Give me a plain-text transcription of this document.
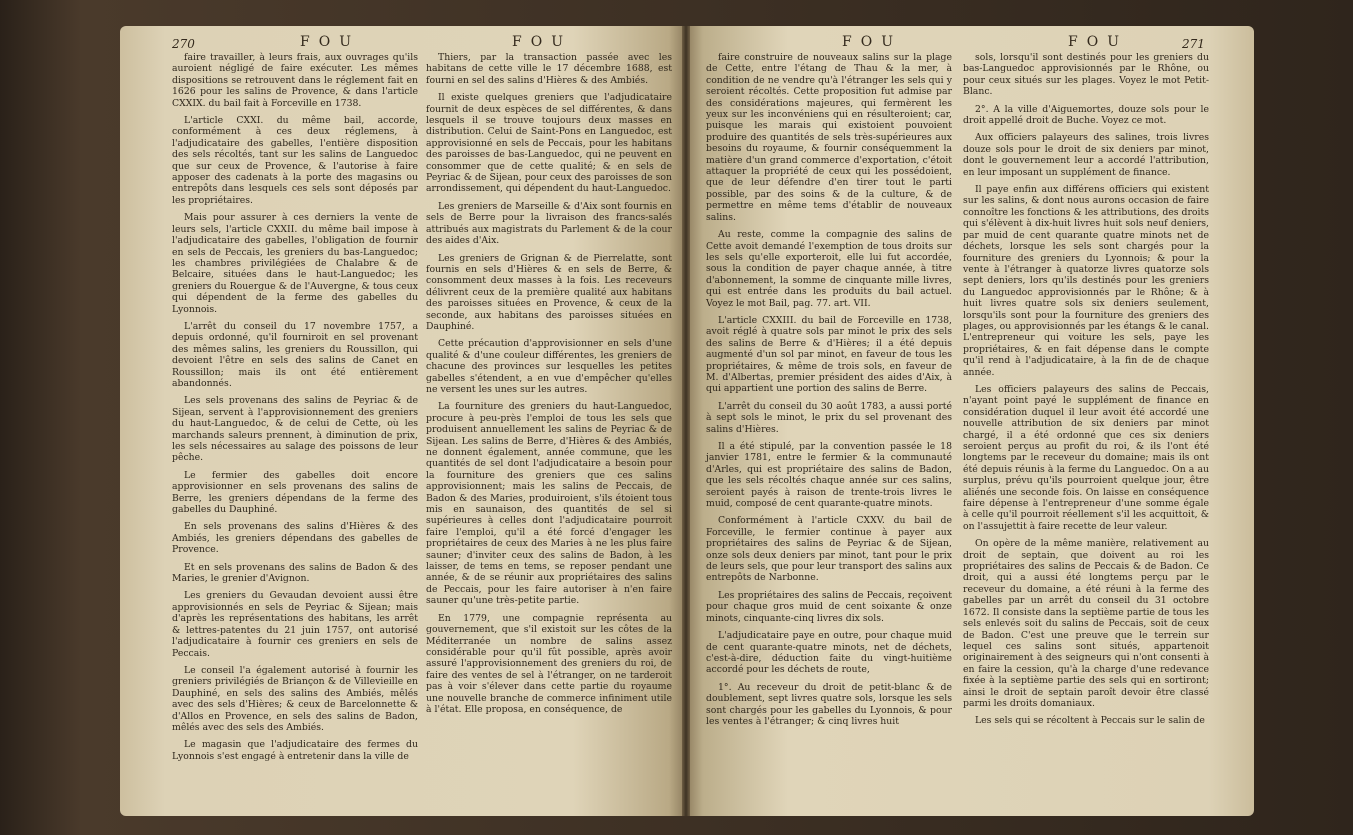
270	FOU	FOU	FOU	FOU	271

faire travailler, à leurs frais, aux ouvrages qu'ils auroient négligé de faire exécuter. Les mêmes dispositions se retrouvent dans le réglement fait en 1626 pour les salins de Provence, & dans l'article CXXIX. du bail fait à Forceville en 1738.

L'article CXXI. du même bail, accorde, conformément à ces deux réglemens, à l'adjudicataire des gabelles, l'entière disposition des sels récoltés, tant sur les salins de Languedoc que sur ceux de Provence, & l'autorise à faire apposer des cadenats à la porte des magasins ou entrepôts dans lesquels ces sels sont déposés par les propriétaires.

Mais pour assurer à ces derniers la vente de leurs sels, l'article CXXII. du même bail impose à l'adjudicataire des gabelles, l'obligation de fournir en sels de Peccais, les greniers du bas-Languedoc; les chambres privilégiées de Chalabre & de Belcaire, situées dans le haut-Languedoc; les greniers du Rouergue & de l'Auvergne, & tous ceux qui dépendent de la ferme des gabelles du Lyonnois.

L'arrêt du conseil du 17 novembre 1757, a depuis ordonné, qu'il fourniroit en sel provenant des mêmes salins, les greniers du Roussillon, qui devoient l'être en sels des salins de Canet en Roussillon; mais ils ont été entièrement abandonnés.

Les sels provenans des salins de Peyriac & de Sijean, servent à l'approvisionnement des greniers du haut-Languedoc, & de celui de Cette, où les marchands saleurs prennent, à diminution de prix, les sels nécessaires au salage des poissons de leur pêche.

Le fermier des gabelles doit encore approvisionner en sels provenans des salins de Berre, les greniers dépendans de la ferme des gabelles du Dauphiné.

En sels provenans des salins d'Hières & des Ambiés, les greniers dépendans des gabelles de Provence.

Et en sels provenans des salins de Badon & des Maries, le grenier d'Avignon.

Les greniers du Gevaudan devoient aussi être approvisionnés en sels de Peyriac & Sijean; mais d'après les représentations des habitans, les arrêt & lettres-patentes du 21 juin 1757, ont autorisé l'adjudicataire à fournir ces greniers en sels de Peccais.

Le conseil l'a également autorisé à fournir les greniers privilégiés de Briançon & de Villevieille en Dauphiné, en sels des salins des Ambiés, mêlés avec des sels d'Hières; & ceux de Barcelonnette & d'Allos en Provence, en sels des salins de Badon, mêlés avec des sels des Ambiés.

Le magasin que l'adjudicataire des fermes du Lyonnois s'est engagé à entretenir dans la ville de

Thiers, par la transaction passée avec les habitans de cette ville le 17 décembre 1688, est fourni en sel des salins d'Hières & des Ambiés.

Il existe quelques greniers que l'adjudicataire fournit de deux espèces de sel différentes, & dans lesquels il se trouve toujours deux masses en distribution. Celui de Saint-Pons en Languedoc, est approvisionné en sels de Peccais, pour les habitans des paroisses de bas-Languedoc, qui ne peuvent en consommer que de cette qualité; & en sels de Peyriac & de Sijean, pour ceux des paroisses de son arrondissement, qui dépendent du haut-Languedoc.

Les greniers de Marseille & d'Aix sont fournis en sels de Berre pour la livraison des francs-salés attribués aux magistrats du Parlement & de la cour des aides d'Aix.

Les greniers de Grignan & de Pierrelatte, sont fournis en sels d'Hières & en sels de Berre, & consomment deux masses à la fois. Les receveurs délivrent ceux de la première qualité aux habitans des paroisses situées en Provence, & ceux de la seconde, aux habitans des paroisses situées en Dauphiné.

Cette précaution d'approvisionner en sels d'une qualité & d'une couleur différentes, les greniers de chacune des provinces sur lesquelles les petites gabelles s'étendent, a en vue d'empêcher qu'elles ne versent les unes sur les autres.

La fourniture des greniers du haut-Languedoc, procure à peu-près l'emploi de tous les sels que produisent annuellement les salins de Peyriac & de Sijean. Les salins de Berre, d'Hières & des Ambiés, ne donnent également, année commune, que les quantités de sel dont l'adjudicataire a besoin pour la fourniture des greniers que ces salins approvisionnent; mais les salins de Peccais, de Badon & des Maries, produiroient, s'ils étoient tous mis en saunaison, des quantités de sel si supérieures à celles dont l'adjudicataire pourroit faire l'emploi, qu'il a été forcé d'engager les propriétaires de ceux des Maries à ne les plus faire sauner; d'inviter ceux des salins de Badon, à les laisser, de tems en tems, se reposer pendant une année, & de se réunir aux propriétaires des salins de Peccais, pour les faire autoriser à n'en faire sauner qu'une très-petite partie.

En 1779, une compagnie représenta au gouvernement, que s'il existoit sur les côtes de la Méditerranée un nombre de salins assez considérable pour qu'il fût possible, après avoir assuré l'approvisionnement des greniers du roi, de faire des ventes de sel à l'étranger, on ne tarderoit pas à voir s'élever dans cette partie du royaume une nouvelle branche de commerce infiniment utile à l'état. Elle proposa, en conséquence, de

faire construire de nouveaux salins sur la plage de Cette, entre l'étang de Thau & la mer, à condition de ne vendre qu'à l'étranger les sels qui y seroient récoltés. Cette proposition fut admise par des considérations majeures, qui fermèrent les yeux sur les inconvéniens qui en résulteroient; car, puisque les marais qui existoient pouvoient produire des quantités de sels très-supérieures aux besoins du royaume, & fournir conséquemment la matière d'un grand commerce d'exportation, c'étoit attaquer la propriété de ceux qui les possédoient, que de leur défendre d'en tirer tout le parti possible, par des soins & de la culture, & de permettre en même tems d'établir de nouveaux salins.

Au reste, comme la compagnie des salins de Cette avoit demandé l'exemption de tous droits sur les sels qu'elle exporteroit, elle lui fut accordée, sous la condition de payer chaque année, à titre d'abonnement, la somme de cinquante mille livres, qui est entrée dans les produits du bail actuel. Voyez le mot Bail, pag. 77. art. VII.

L'article CXXIII. du bail de Forceville en 1738, avoit réglé à quatre sols par minot le prix des sels des salins de Berre & d'Hières; il a été depuis augmenté d'un sol par minot, en faveur de tous les propriétaires, & même de trois sols, en faveur de M. d'Albertas, premier président des aides d'Aix, à qui appartient une portion des salins de Berre.

L'arrêt du conseil du 30 août 1783, a aussi porté à sept sols le minot, le prix du sel provenant des salins d'Hières.

Il a été stipulé, par la convention passée le 18 janvier 1781, entre le fermier & la communauté d'Arles, qui est propriétaire des salins de Badon, que les sels récoltés chaque année sur ces salins, seroient payés à raison de trente-trois livres le muid, composé de cent quarante-quatre minots.

Conformément à l'article CXXV. du bail de Forceville, le fermier continue à payer aux propriétaires des salins de Peyriac & de Sijean, onze sols deux deniers par minot, tant pour le prix de leurs sels, que pour leur transport des salins aux entrepôts de Narbonne.

Les propriétaires des salins de Peccais, reçoivent pour chaque gros muid de cent soixante & onze minots, cinquante-cinq livres dix sols.

L'adjudicataire paye en outre, pour chaque muid de cent quarante-quatre minots, net de déchets, c'est-à-dire, déduction faite du vingt-huitième accordé pour les déchets de route,

1°. Au receveur du droit de petit-blanc & de doublement, sept livres quatre sols, lorsque les sels sont chargés pour les gabelles du Lyonnois, & pour les ventes à l'étranger; & cinq livres huit

sols, lorsqu'il sont destinés pour les greniers du bas-Languedoc approvisionnés par le Rhône, ou pour ceux situés sur les plages. Voyez le mot Petit-Blanc.

2°. A la ville d'Aiguemortes, douze sols pour le droit appellé droit de Buche. Voyez ce mot.

Aux officiers palayeurs des salines, trois livres douze sols pour le droit de six deniers par minot, dont le gouvernement leur a accordé l'attribution, en leur imposant un supplément de finance.

Il paye enfin aux différens officiers qui existent sur les salins, & dont nous aurons occasion de faire connoître les fonctions & les attributions, des droits qui s'élèvent à dix-huit livres huit sols neuf deniers, par muid de cent quarante quatre minots net de déchets, lorsque les sels sont chargés pour la fourniture des greniers du Lyonnois; & pour la vente à l'étranger à quatorze livres quatorze sols sept deniers, lors qu'ils destinés pour les greniers du Languedoc approvisionnés par le Rhône; & à huit livres quatre sols six deniers seulement, lorsqu'ils sont pour la fourniture des greniers des plages, ou approvisionnés par les étangs & le canal. L'entrepreneur qui voiture les sels, paye les propriétaires, & en fait dépense dans le compte qu'il rend à l'adjudicataire, à la fin de de chaque année.

Les officiers palayeurs des salins de Peccais, n'ayant point payé le supplément de finance en considération duquel il leur avoit été accordé une nouvelle attribution de six deniers par minot chargé, il a été ordonné que ces six deniers seroient perçus au profit du roi, & ils l'ont été longtems par le receveur du domaine; mais ils ont été depuis réunis à la ferme du Languedoc. On a au surplus, prévu qu'ils pourroient quelque jour, être aliénés une seconde fois. On laisse en conséquence faire dépense à l'entrepreneur d'une somme égale à celle qu'il pourroit réellement s'il les acquittoit, & on l'assujettit à faire recette de leur valeur.

On opère de la même manière, relativement au droit de septain, que doivent au roi les propriétaires des salins de Peccais & de Badon. Ce droit, qui a aussi été longtems perçu par le receveur du domaine, a été réuni à la ferme des gabelles par un arrêt du conseil du 31 octobre 1672. Il consiste dans la septième partie de tous les sels enlevés soit du salins de Peccais, soit de ceux de Badon. C'est une preuve que le terrein sur lequel ces salins sont situés, appartenoit originairement à des seigneurs qui n'ont consenti à en faire la cession, qu'à la charge d'une redevance fixée à la septième partie des sels qui en sortiront; ainsi le droit de septain paroît devoir être classé parmi les droits domaniaux.

Les sels qui se récoltent à Peccais sur le salin de
